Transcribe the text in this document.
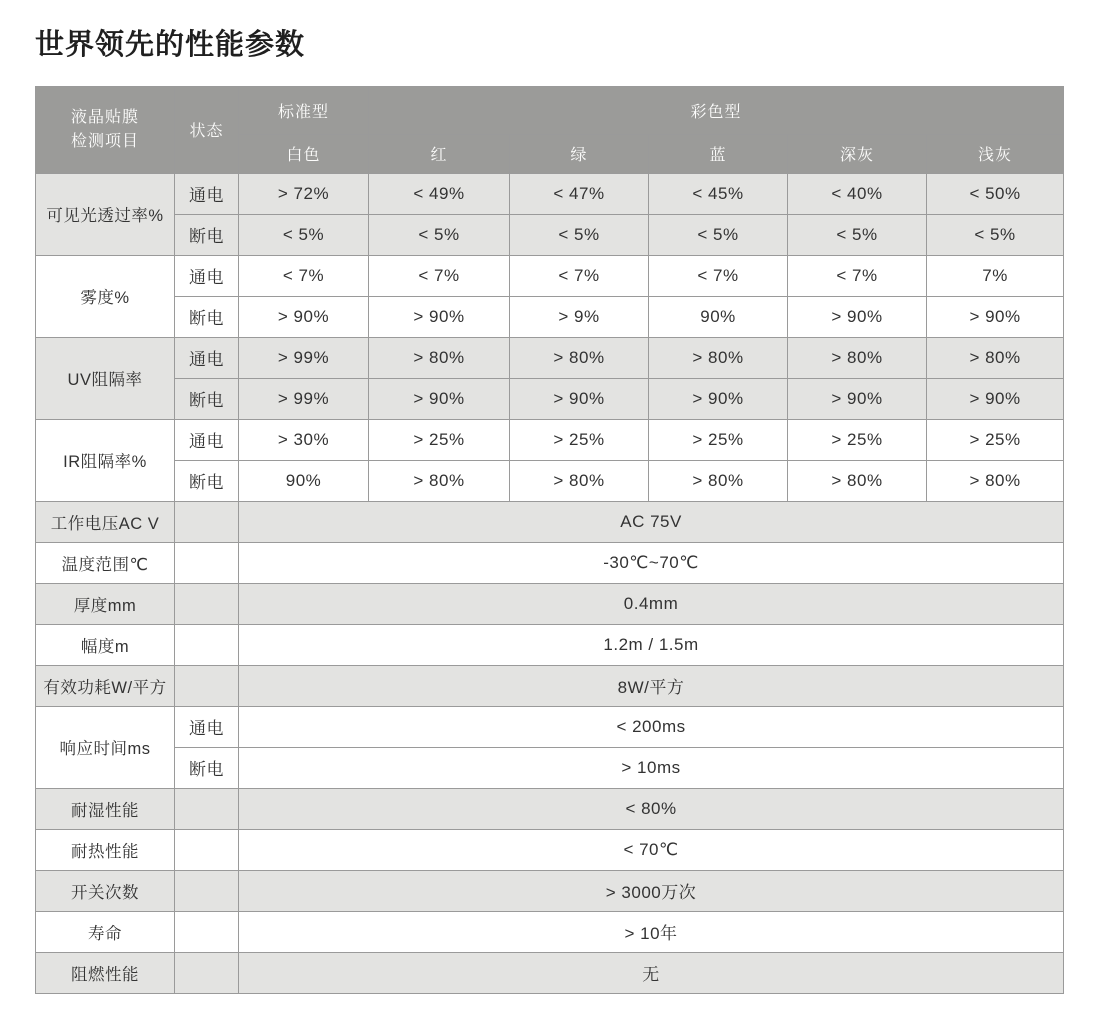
世界领先的性能参数
液晶贴膜
检测项目	状态	标准型	彩色型				
		白色	红	绿	蓝	深灰	浅灰
可见光透过率%	通电	> 72%	< 49%	< 47%	< 45%	< 40%	< 50%
	断电	< 5%	< 5%	< 5%	< 5%	< 5%	< 5%
雾度%	通电	< 7%	< 7%	< 7%	< 7%	< 7%	7%
	断电	> 90%	> 90%	> 9%	90%	> 90%	> 90%
UV阻隔率	通电	> 99%	> 80%	> 80%	> 80%	> 80%	> 80%
	断电	> 99%	> 90%	> 90%	> 90%	> 90%	> 90%
IR阻隔率%	通电	> 30%	> 25%	> 25%	> 25%	> 25%	> 25%
	断电	90%	> 80%	> 80%	> 80%	> 80%	> 80%
工作电压AC V		AC 75V					
温度范围℃		-30℃~70℃					
厚度mm		0.4mm					
幅度m		1.2m / 1.5m					
有效功耗W/平方		8W/平方					
响应时间ms	通电	< 200ms					
	断电	> 10ms					
耐湿性能		< 80%					
耐热性能		< 70℃					
开关次数		> 3000万次					
寿命		> 10年					
阻燃性能		无					
